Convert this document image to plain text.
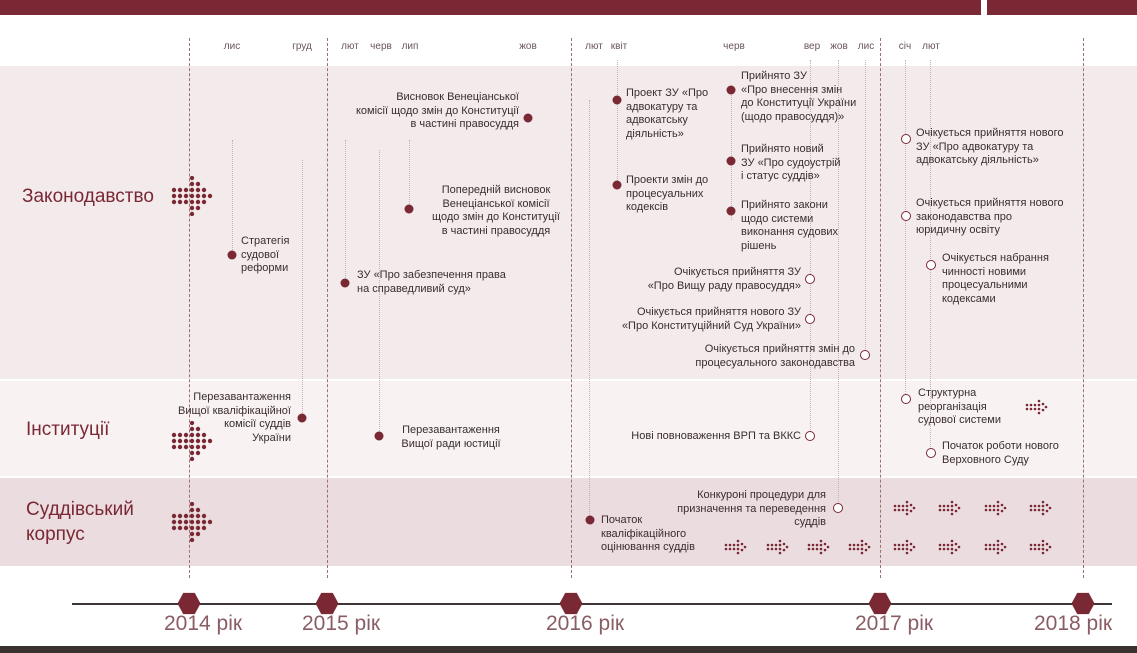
лис	груд	лют черв лип	жов	лют квіт	черв	вер жов лис січ лют
Законодавство
Інституції
Суддівський
корпус
Стратегія
судової
реформи
Перезавантаження
Вищої кваліфікаційної
комісії суддів
України
ЗУ «Про забезпечення права
на справедливий суд»
Перезавантаження
Вищої ради юстиції
Попередній висновок
Венеціанської комісії
щодо змін до Конституції
в частині правосуддя
Висновок Венеціанської
комісії щодо змін до Конституції
в частині правосуддя
Проект ЗУ «Про
адвокатуру та
адвокатську
діяльність»
Проекти змін до
процесуальних
кодексів
Початок
кваліфікаційного
оцінювання суддів
Прийнято ЗУ
«Про внесення змін
до Конституції України
(щодо правосуддя)»
Прийнято новий
ЗУ «Про судоустрій
і статус суддів»
Прийнято закони
щодо системи
виконання судових
рішень
Очікується прийняття ЗУ
«Про Вищу раду правосуддя»
Очікується прийняття нового ЗУ
«Про Конституційний Суд України»
Нові повноваження ВРП та ВККС
Конкуроні процедури для
призначення та переведення
суддів
Очікується прийняття змін до
процесуального законодавства
Очікується прийняття нового
ЗУ «Про адвокатуру та
адвокатську діяльність»
Очікується прийняття нового
законодавства про
юридичну освіту
Очікується набрання
чинності новими
процесуальними
кодексами
Структурна
реорганізація
судової системи
Початок роботи нового
Верховного Суду
2014 рік	2015 рік	2016 рік	2017 рік	2018 рік
